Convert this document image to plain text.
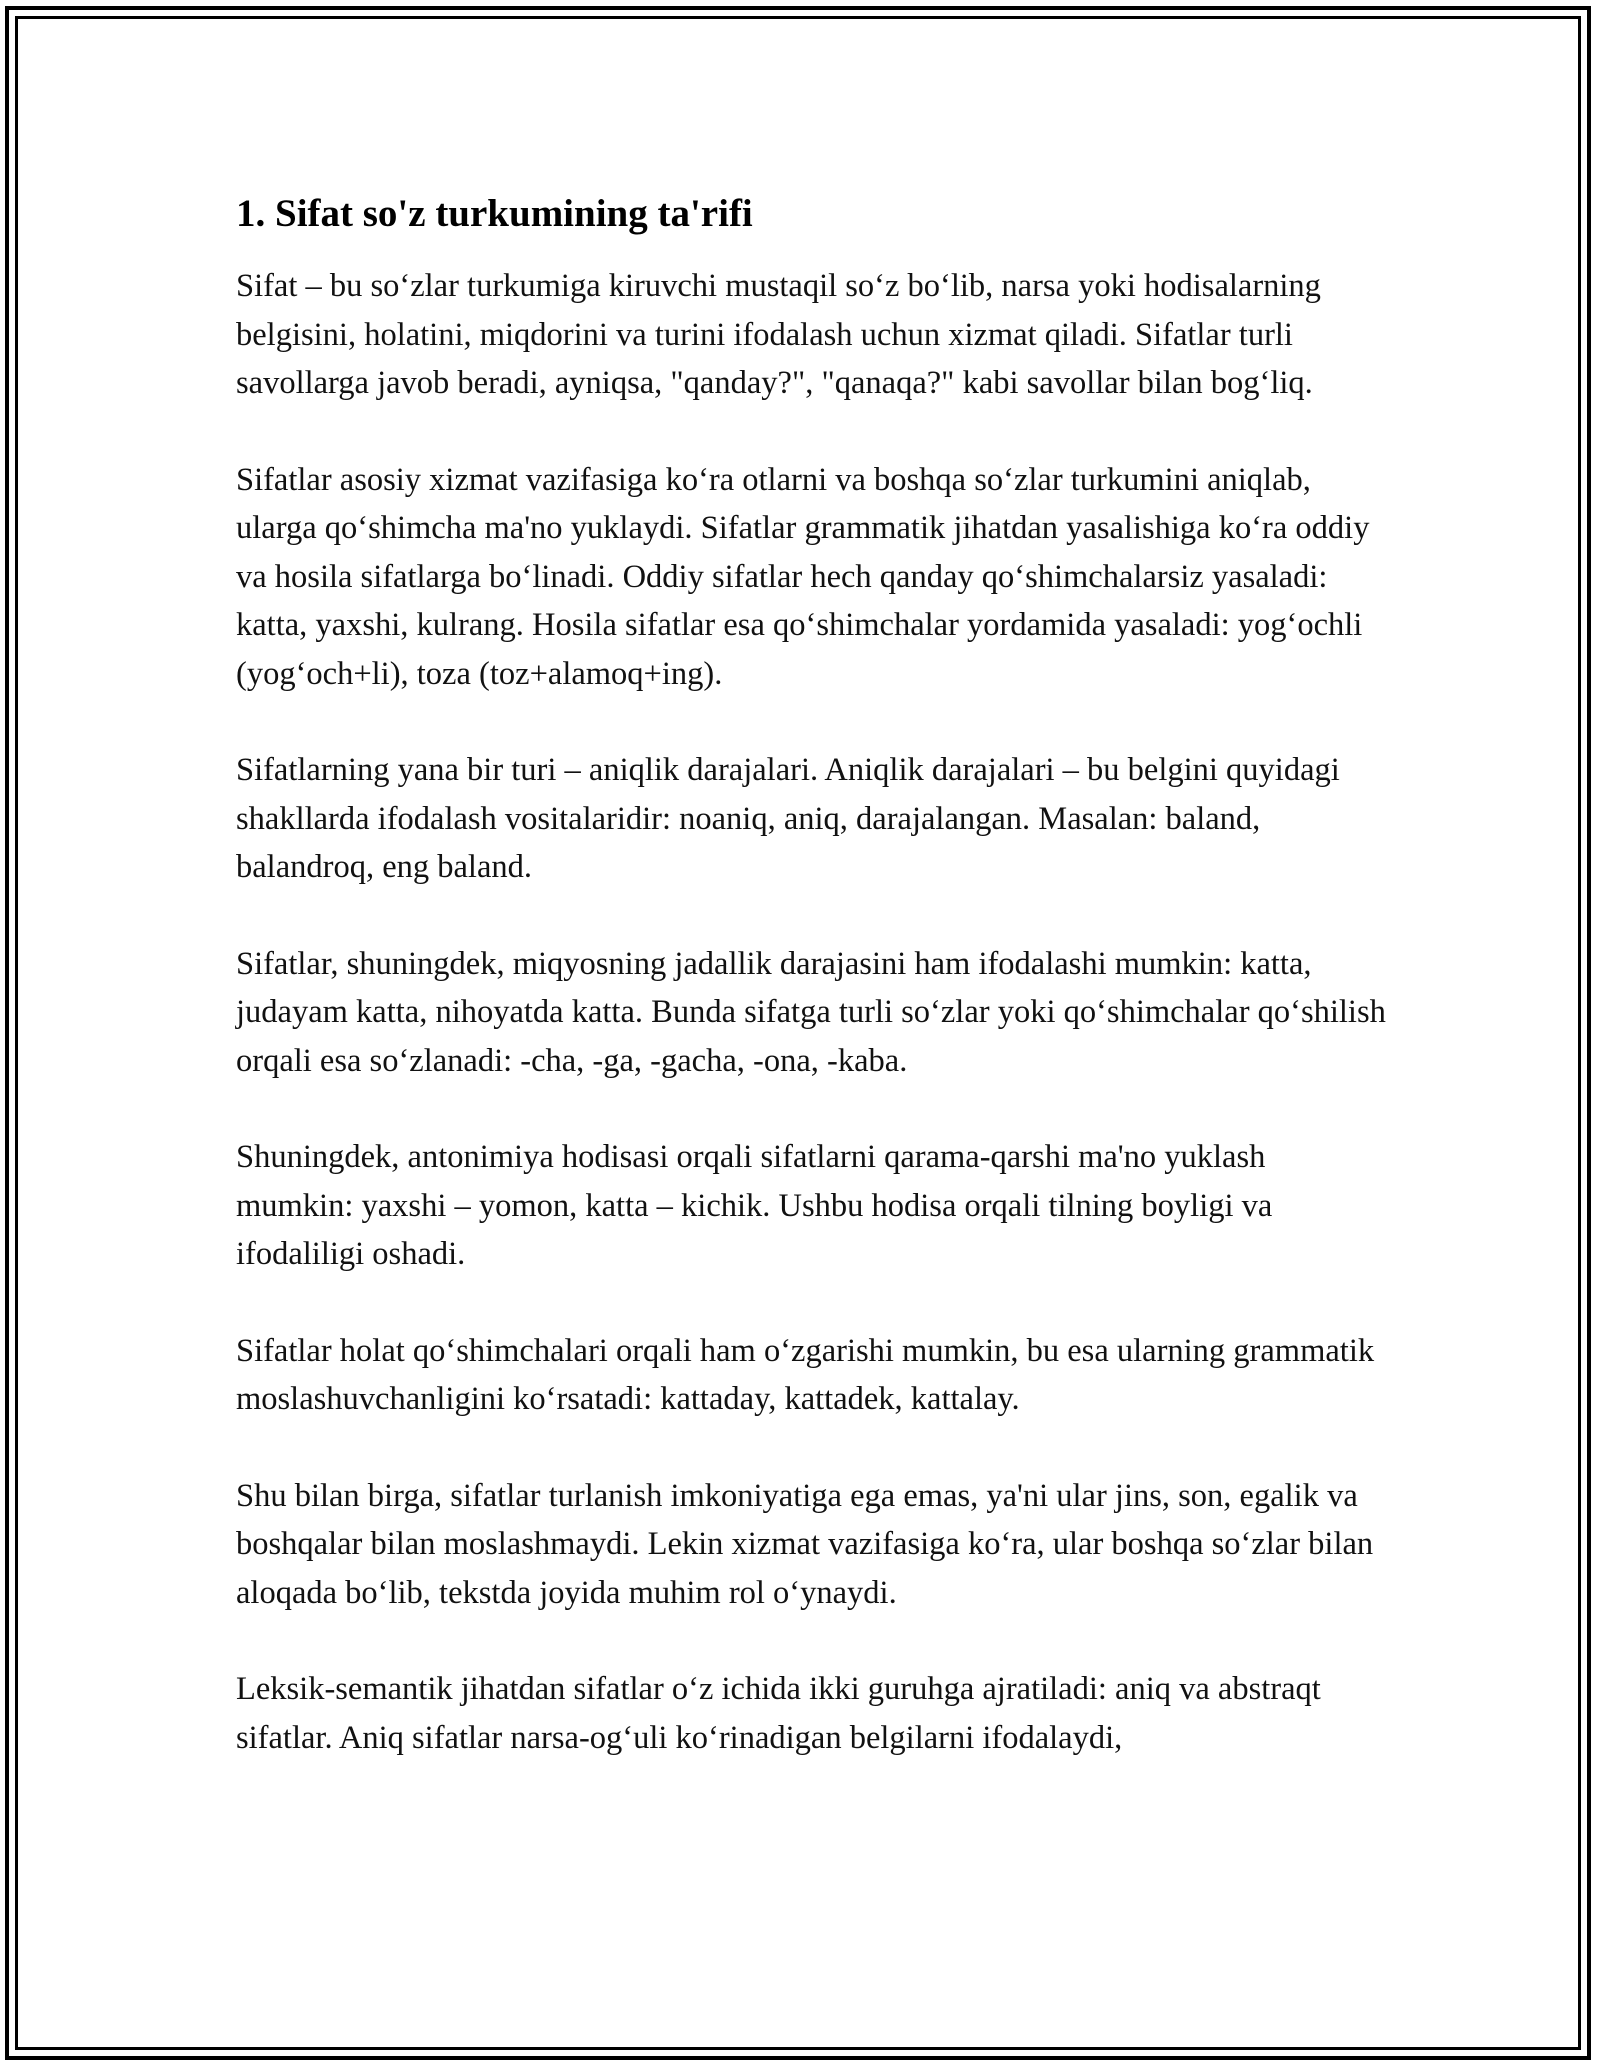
1. Sifat so'z turkumining ta'rifi

Sifat – bu so‘zlar turkumiga kiruvchi mustaqil so‘z bo‘lib, narsa yoki hodisalarning belgisini, holatini, miqdorini va turini ifodalash uchun xizmat qiladi. Sifatlar turli savollarga javob beradi, ayniqsa, "qanday?", "qanaqa?" kabi savollar bilan bog‘liq.

Sifatlar asosiy xizmat vazifasiga ko‘ra otlarni va boshqa so‘zlar turkumini aniqlab, ularga qo‘shimcha ma'no yuklaydi. Sifatlar grammatik jihatdan yasalishiga ko‘ra oddiy va hosila sifatlarga bo‘linadi. Oddiy sifatlar hech qanday qo‘shimchalarsiz yasaladi: katta, yaxshi, kulrang. Hosila sifatlar esa qo‘shimchalar yordamida yasaladi: yog‘ochli (yog‘och+li), toza (toz+alamoq+ing).

Sifatlarning yana bir turi – aniqlik darajalari. Aniqlik darajalari – bu belgini quyidagi shakllarda ifodalash vositalaridir: noaniq, aniq, darajalangan. Masalan: baland, balandroq, eng baland.

Sifatlar, shuningdek, miqyosning jadallik darajasini ham ifodalashi mumkin: katta, judayam katta, nihoyatda katta. Bunda sifatga turli so‘zlar yoki qo‘shimchalar qo‘shilish orqali esa so‘zlanadi: -cha, -ga, -gacha, -ona, -kaba.

Shuningdek, antonimiya hodisasi orqali sifatlarni qarama-qarshi ma'no yuklash mumkin: yaxshi – yomon, katta – kichik. Ushbu hodisa orqali tilning boyligi va ifodaliligi oshadi.

Sifatlar holat qo‘shimchalari orqali ham o‘zgarishi mumkin, bu esa ularning grammatik moslashuvchanligini ko‘rsatadi: kattaday, kattadek, kattalay.

Shu bilan birga, sifatlar turlanish imkoniyatiga ega emas, ya'ni ular jins, son, egalik va boshqalar bilan moslashmaydi. Lekin xizmat vazifasiga ko‘ra, ular boshqa so‘zlar bilan aloqada bo‘lib, tekstda joyida muhim rol o‘ynaydi.

Leksik-semantik jihatdan sifatlar o‘z ichida ikki guruhga ajratiladi: aniq va abstraqt sifatlar. Aniq sifatlar narsa-og‘uli ko‘rinadigan belgilarni ifodalaydi,
